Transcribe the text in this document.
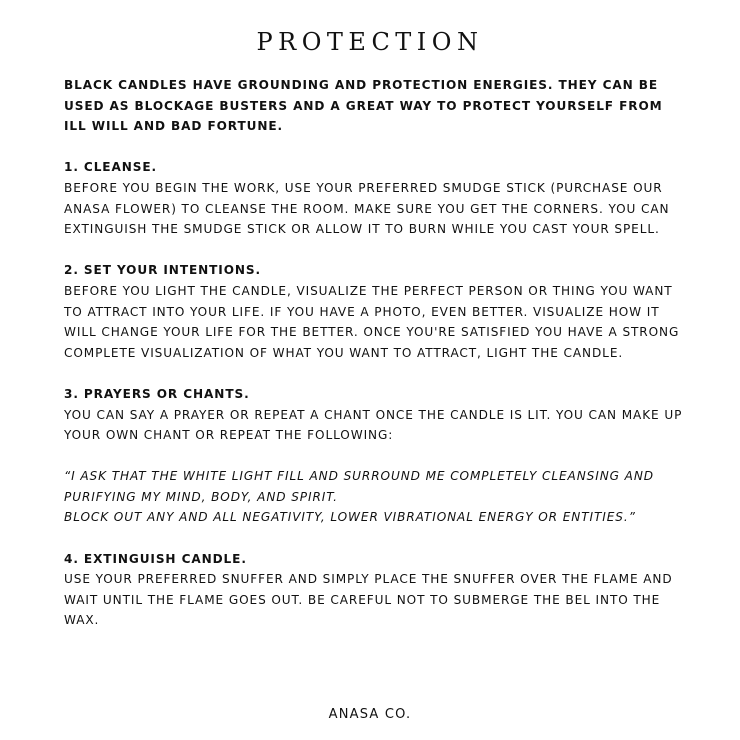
PROTECTION

BLACK CANDLES HAVE GROUNDING AND PROTECTION ENERGIES. THEY CAN BE USED AS BLOCKAGE BUSTERS AND A GREAT WAY TO PROTECT YOURSELF FROM ILL WILL AND BAD FORTUNE.

1. CLEANSE.

BEFORE YOU BEGIN THE WORK, USE YOUR PREFERRED SMUDGE STICK (PURCHASE OUR ANASA FLOWER) TO CLEANSE THE ROOM. MAKE SURE YOU GET THE CORNERS. YOU CAN EXTINGUISH THE SMUDGE STICK OR ALLOW IT TO BURN WHILE YOU CAST YOUR SPELL.

2. SET YOUR INTENTIONS.

BEFORE YOU LIGHT THE CANDLE, VISUALIZE THE PERFECT PERSON OR THING YOU WANT TO ATTRACT INTO YOUR LIFE. IF YOU HAVE A PHOTO, EVEN BETTER. VISUALIZE HOW IT WILL CHANGE YOUR LIFE FOR THE BETTER. ONCE YOU'RE SATISFIED YOU HAVE A STRONG COMPLETE VISUALIZATION OF WHAT YOU WANT TO ATTRACT, LIGHT THE CANDLE.

3. PRAYERS OR CHANTS.

YOU CAN SAY A PRAYER OR REPEAT A CHANT ONCE THE CANDLE IS LIT. YOU CAN MAKE UP YOUR OWN CHANT OR REPEAT THE FOLLOWING:

“I ASK THAT THE WHITE LIGHT FILL AND SURROUND ME COMPLETELY CLEANSING AND PURIFYING MY MIND, BODY, AND SPIRIT.

BLOCK OUT ANY AND ALL NEGATIVITY, LOWER VIBRATIONAL ENERGY OR ENTITIES.”

4. EXTINGUISH CANDLE.

USE YOUR PREFERRED SNUFFER AND SIMPLY PLACE THE SNUFFER OVER THE FLAME AND WAIT UNTIL THE FLAME GOES OUT. BE CAREFUL NOT TO SUBMERGE THE BEL INTO THE WAX.

ANASA CO.
